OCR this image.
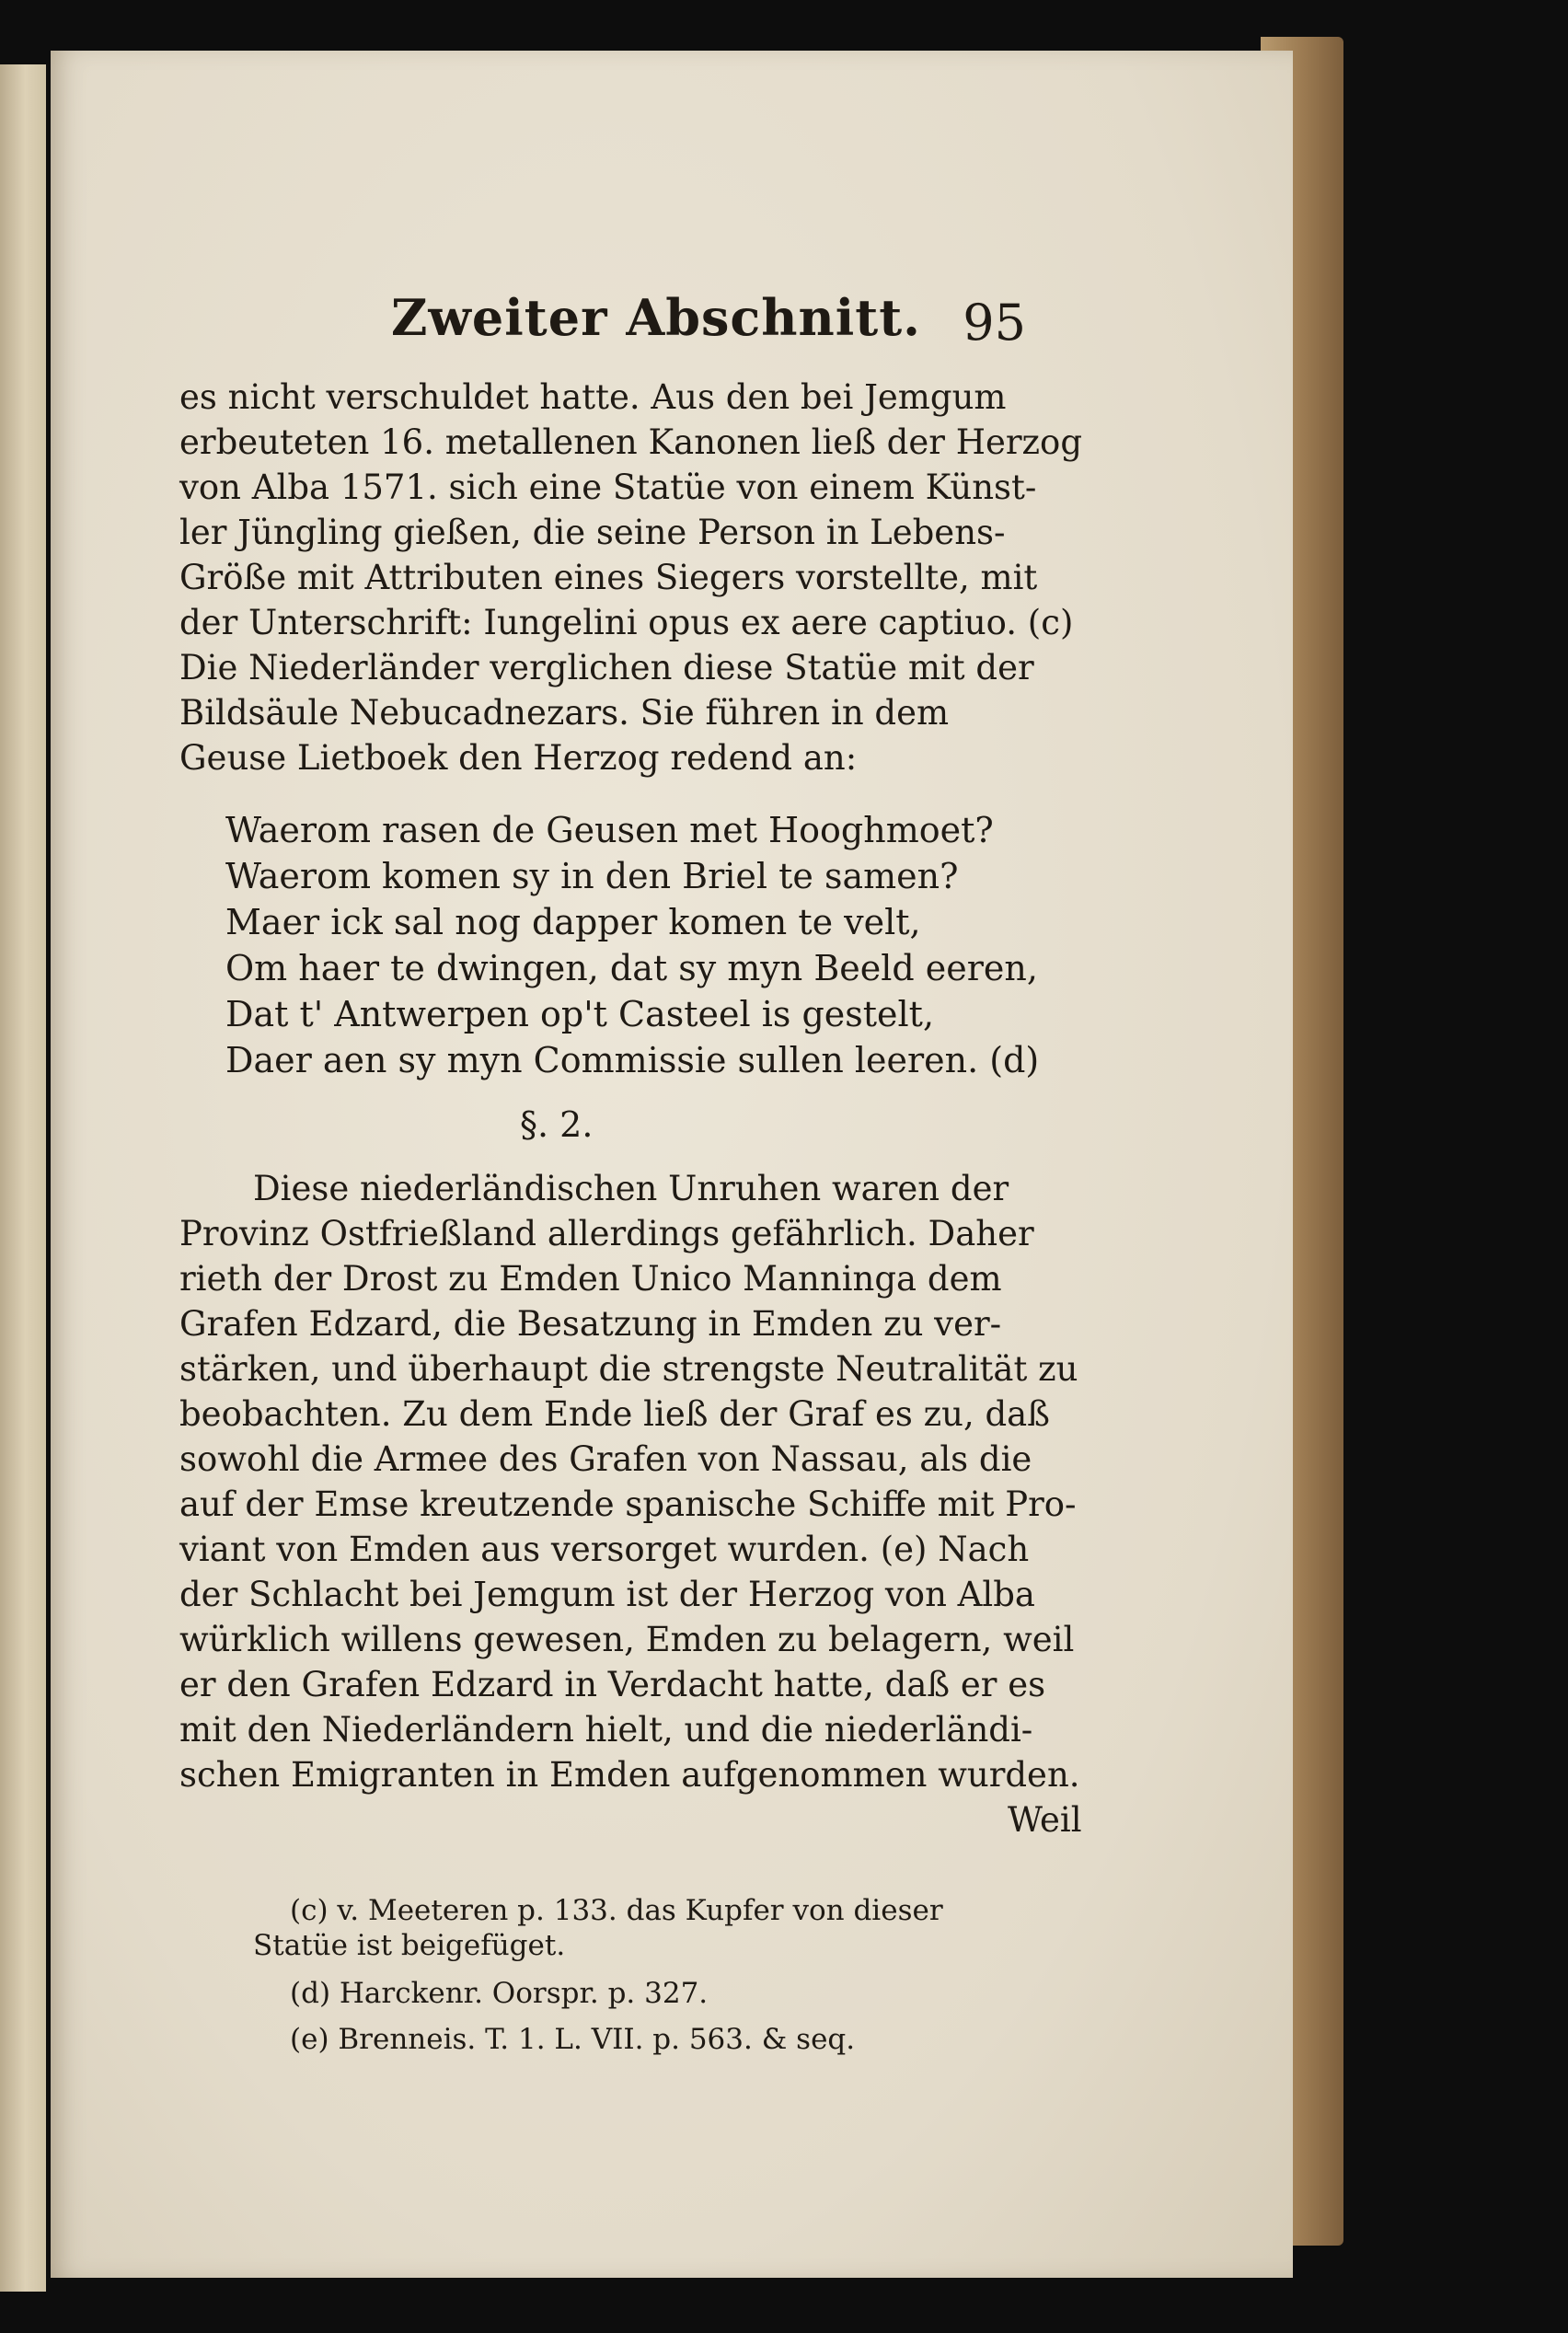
Zweiter Abschnitt. 95
es nicht verschuldet hatte. Aus den bei Jemgum
erbeuteten 16. metallenen Kanonen ließ der Herzog
von Alba 1571. sich eine Statüe von einem Künst-
ler Jüngling gießen, die seine Person in Lebens-
Größe mit Attributen eines Siegers vorstellte, mit
der Unterschrift: Iungelini opus ex aere captiuo. (c)
Die Niederländer verglichen diese Statüe mit der
Bildsäule Nebucadnezars. Sie führen in dem
Geuse Lietboek den Herzog redend an:
Waerom rasen de Geusen met Hooghmoet?
Waerom komen sy in den Briel te samen?
Maer ick sal nog dapper komen te velt,
Om haer te dwingen, dat sy myn Beeld eeren,
Dat t' Antwerpen op't Casteel is gestelt,
Daer aen sy myn Commissie sullen leeren. (d)
§. 2.
Diese niederländischen Unruhen waren der
Provinz Ostfrießland allerdings gefährlich. Daher
rieth der Drost zu Emden Unico Manninga dem
Grafen Edzard, die Besatzung in Emden zu ver-
stärken, und überhaupt die strengste Neutralität zu
beobachten. Zu dem Ende ließ der Graf es zu, daß
sowohl die Armee des Grafen von Nassau, als die
auf der Emse kreutzende spanische Schiffe mit Pro-
viant von Emden aus versorget wurden. (e) Nach
der Schlacht bei Jemgum ist der Herzog von Alba
würklich willens gewesen, Emden zu belagern, weil
er den Grafen Edzard in Verdacht hatte, daß er es
mit den Niederländern hielt, und die niederländi-
schen Emigranten in Emden aufgenommen wurden.
Weil
(c) v. Meeteren p. 133. das Kupfer von dieser
Statüe ist beigefüget.
(d) Harckenr. Oorspr. p. 327.
(e) Brenneis. T. 1. L. VII. p. 563. & seq.
